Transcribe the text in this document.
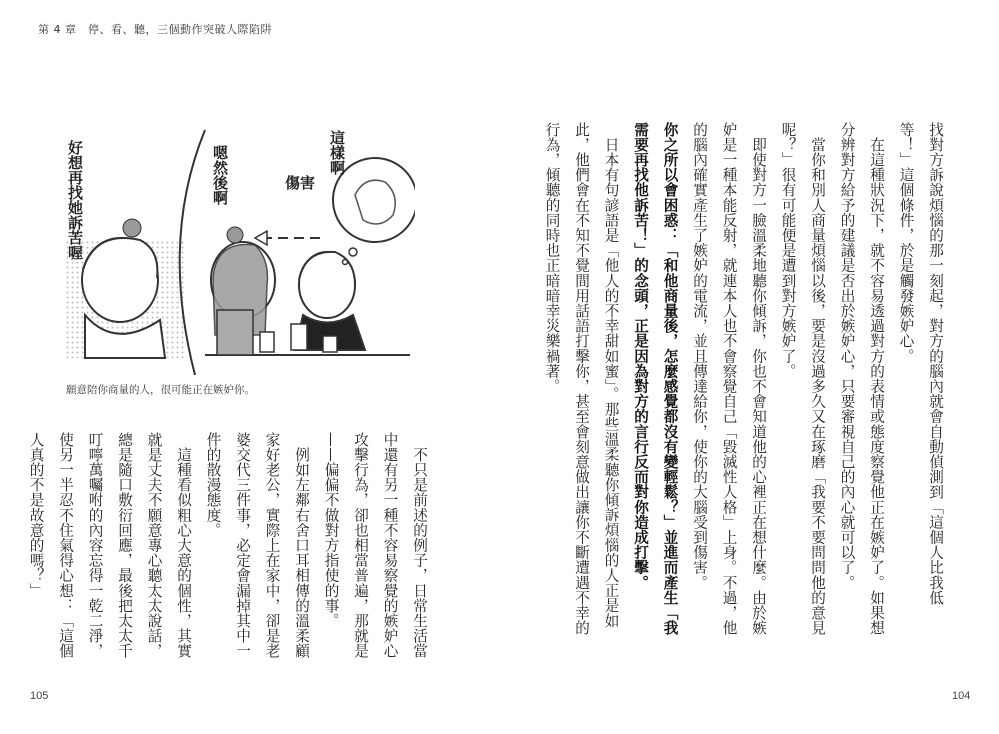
第 4 章　停、看、聽，三個動作突破人際陷阱

找對方訴說煩惱的那一刻起，對方的腦內就會自動偵測到「這個人比我低等！」這個條件，於是觸發嫉妒心。

　在這種狀況下，就不容易透過對方的表情或態度察覺他正在嫉妒了。如果想分辨對方給予的建議是否出於嫉妒心，只要審視自己的內心就可以了。

　當你和別人商量煩惱以後，要是沒過多久又在琢磨「我要不要問問他的意見呢？」很有可能便是遭到對方嫉妒了。

　即使對方一臉溫柔地聽你傾訴，你也不會知道他的心裡正在想什麼。由於嫉妒是一種本能反射，就連本人也不會察覺自己「毀滅性人格」上身。不過，他的腦內確實產生了嫉妒的電流，並且傳達給你，使你的大腦受到傷害。

你之所以會困惑：「和他商量後，怎麼感覺都沒有變輕鬆？」並進而產生「我需要再找他訴苦！」的念頭，正是因為對方的言行反而對你造成打擊。

　日本有句諺語是「他人的不幸甜如蜜」。那些溫柔聽你傾訴煩惱的人正是如此，他們會在不知不覺間用話語打擊你，甚至會刻意做出讓你不斷遭遇不幸的行為，傾聽的同時也正暗暗幸災樂禍著。

這樣啊
傷害
嗯然後啊
好想再找她訴苦喔
願意陪你商量的人，很可能正在嫉妒你。

　不只是前述的例子，日常生活當中還有另一種不容易察覺的嫉妒心攻擊行為，卻也相當普遍，那就是——偏偏不做對方指使的事。

　例如左鄰右舍口耳相傳的溫柔顧家好老公，實際上在家中，卻是老婆交代三件事，必定會漏掉其中一件的散漫態度。

　這種看似粗心大意的個性，其實就是丈夫不願意專心聽太太說話，總是隨口敷衍回應，最後把太太千叮嚀萬囑咐的內容忘得一乾二淨，使另一半忍不住氣得心想：「這個人真的不是故意的嗎？」

105	104
